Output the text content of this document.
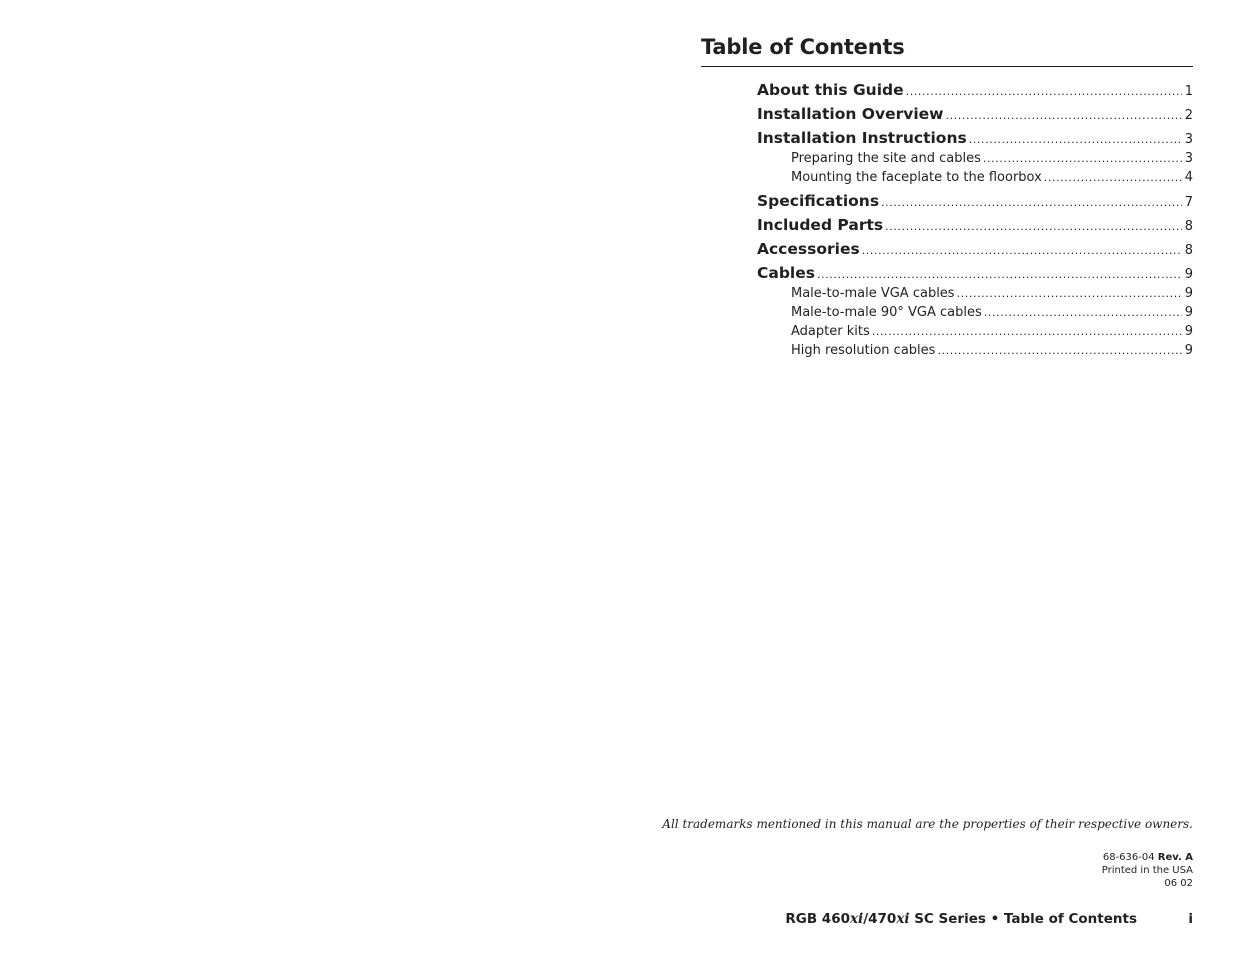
Table of Contents
About this Guide .....	1
Installation Overview .....	2
Installation Instructions .....	3
Preparing the site and cables .....	3
Mounting the faceplate to the floorbox .....	4
Specifications .....	7
Included Parts .....	8
Accessories .....	8
Cables .....	9
Male-to-male VGA cables .....	9
Male-to-male 90° VGA cables .....	9
Adapter kits .....	9
High resolution cables .....	9
All trademarks mentioned in this manual are the properties of their respective owners.
68-636-04 Rev. A
Printed in the USA
06 02
RGB 460xi/470xi SC Series • Table of Contents	i
